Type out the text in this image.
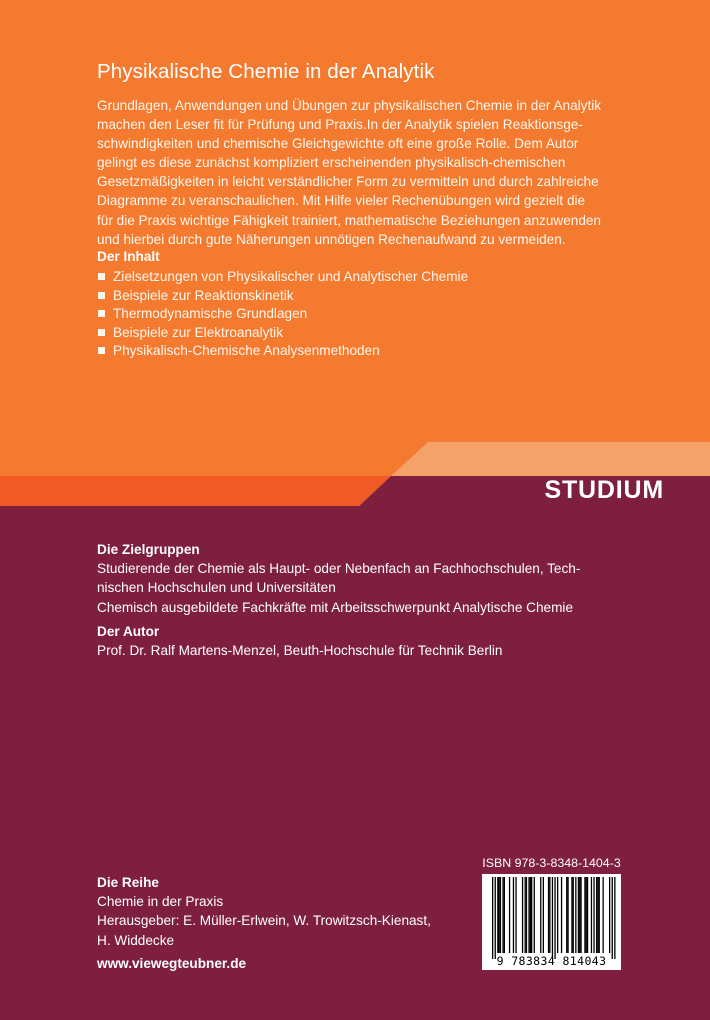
Physikalische Chemie in der Analytik
Grundlagen, Anwendungen und Übungen zur physikalischen Chemie in der Analytik
machen den Leser fit für Prüfung und Praxis.In der Analytik spielen Reaktionsge-
schwindigkeiten und chemische Gleichgewichte oft eine große Rolle. Dem Autor
gelingt es diese zunächst kompliziert erscheinenden physikalisch-chemischen
Gesetzmäßigkeiten in leicht verständlicher Form zu vermitteln und durch zahlreiche
Diagramme zu veranschaulichen. Mit Hilfe vieler Rechenübungen wird gezielt die
für die Praxis wichtige Fähigkeit trainiert, mathematische Beziehungen anzuwenden
und hierbei durch gute Näherungen unnötigen Rechenaufwand zu vermeiden.
Der Inhalt
Zielsetzungen von Physikalischer und Analytischer Chemie
Beispiele zur Reaktionskinetik
Thermodynamische Grundlagen
Beispiele zur Elektroanalytik
Physikalisch-Chemische Analysenmethoden
STUDIUM
Die Zielgruppen
Studierende der Chemie als Haupt- oder Nebenfach an Fachhochschulen, Tech-
nischen Hochschulen und Universitäten
Chemisch ausgebildete Fachkräfte mit Arbeitsschwerpunkt Analytische Chemie
Der Autor
Prof. Dr. Ralf Martens-Menzel, Beuth-Hochschule für Technik Berlin
Die Reihe
Chemie in der Praxis
Herausgeber: E. Müller-Erlwein, W. Trowitzsch-Kienast,
H. Widdecke
www.viewegteubner.de
ISBN 978-3-8348-1404-3
9 783834 814043
